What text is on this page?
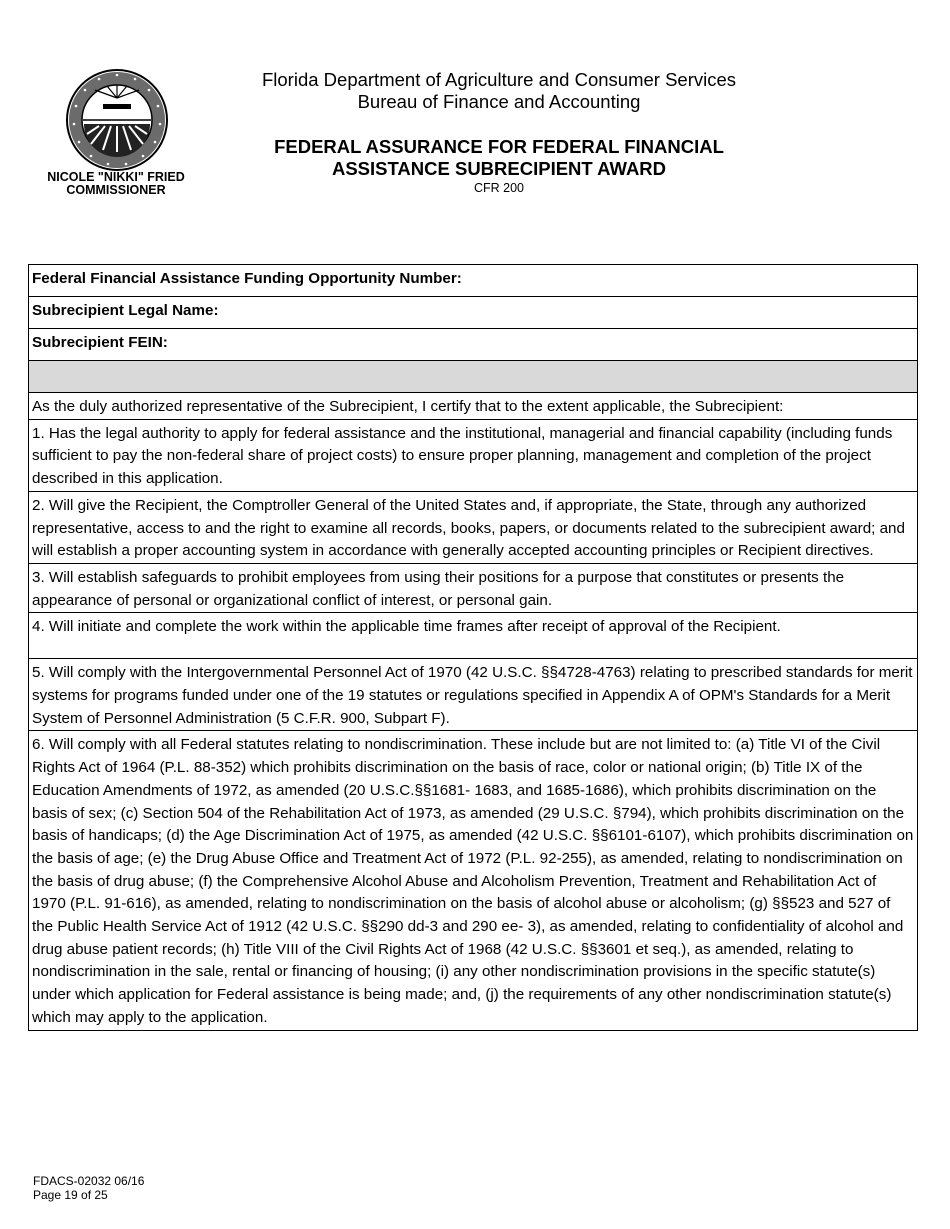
NICOLE "NIKKI" FRIED
COMMISSIONER
Florida Department of Agriculture and Consumer Services
Bureau of Finance and Accounting
FEDERAL ASSURANCE FOR FEDERAL FINANCIAL
ASSISTANCE SUBRECIPIENT AWARD
CFR 200
Federal Financial Assistance Funding Opportunity Number:
Subrecipient Legal Name:
Subrecipient FEIN:

As the duly authorized representative of the Subrecipient, I certify that to the extent applicable, the Subrecipient:
1. Has the legal authority to apply for federal assistance and the institutional, managerial and financial capability (including funds sufficient to pay the non-federal share of project costs) to ensure proper planning, management and completion of the project described in this application.
2. Will give the Recipient, the Comptroller General of the United States and, if appropriate, the State, through any authorized representative, access to and the right to examine all records, books, papers, or documents related to the subrecipient award; and will establish a proper accounting system in accordance with generally accepted accounting principles or Recipient directives.
3. Will establish safeguards to prohibit employees from using their positions for a purpose that constitutes or presents the appearance of personal or organizational conflict of interest, or personal gain.
4. Will initiate and complete the work within the applicable time frames after receipt of approval of the Recipient.
5. Will comply with the Intergovernmental Personnel Act of 1970 (42 U.S.C. §§4728-4763) relating to prescribed standards for merit systems for programs funded under one of the 19 statutes or regulations specified in Appendix A of OPM's Standards for a Merit System of Personnel Administration (5 C.F.R. 900, Subpart F).
6. Will comply with all Federal statutes relating to nondiscrimination. These include but are not limited to: (a) Title VI of the Civil Rights Act of 1964 (P.L. 88-352) which prohibits discrimination on the basis of race, color or national origin; (b) Title IX of the Education Amendments of 1972, as amended (20 U.S.C.§§1681- 1683, and 1685-1686), which prohibits discrimination on the basis of sex; (c) Section 504 of the Rehabilitation Act of 1973, as amended (29 U.S.C. §794), which prohibits discrimination on the basis of handicaps; (d) the Age Discrimination Act of 1975, as amended (42 U.S.C. §§6101-6107), which prohibits discrimination on the basis of age; (e) the Drug Abuse Office and Treatment Act of 1972 (P.L. 92-255), as amended, relating to nondiscrimination on the basis of drug abuse; (f) the Comprehensive Alcohol Abuse and Alcoholism Prevention, Treatment and Rehabilitation Act of 1970 (P.L. 91-616), as amended, relating to nondiscrimination on the basis of alcohol abuse or alcoholism; (g) §§523 and 527 of the Public Health Service Act of 1912 (42 U.S.C. §§290 dd-3 and 290 ee- 3), as amended, relating to confidentiality of alcohol and drug abuse patient records; (h) Title VIII of the Civil Rights Act of 1968 (42 U.S.C. §§3601 et seq.), as amended, relating to nondiscrimination in the sale, rental or financing of housing; (i) any other nondiscrimination provisions in the specific statute(s) under which application for Federal assistance is being made; and, (j) the requirements of any other nondiscrimination statute(s) which may apply to the application.
FDACS-02032 06/16
Page 19 of 25
